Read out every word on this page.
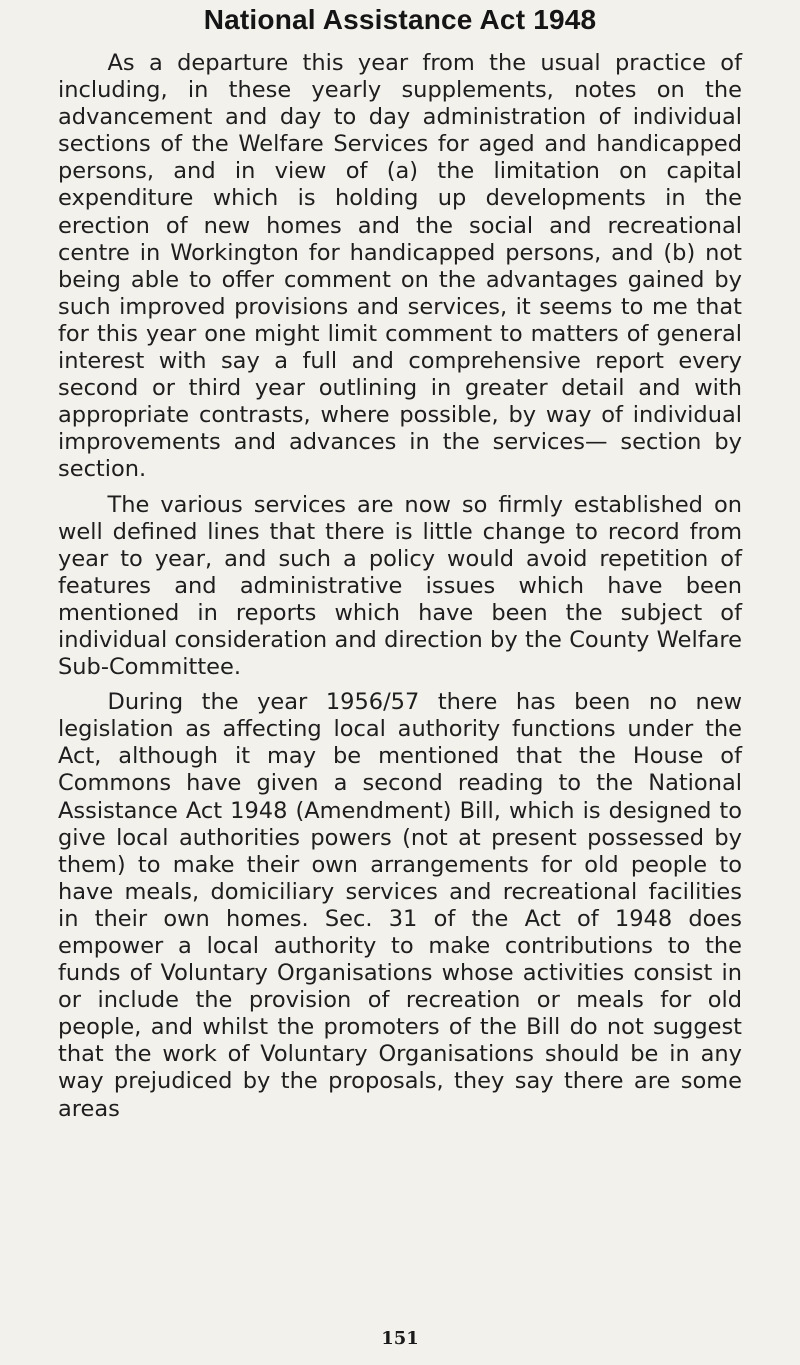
National Assistance Act 1948

As a departure this year from the usual practice of including, in these yearly supplements, notes on the advancement and day to day administration of individual sections of the Welfare Services for aged and handicapped persons, and in view of (a) the limitation on capital expenditure which is holding up developments in the erection of new homes and the social and recreational centre in Workington for handicapped persons, and (b) not being able to offer comment on the advantages gained by such improved provisions and services, it seems to me that for this year one might limit comment to matters of general interest with say a full and comprehensive report every second or third year outlining in greater detail and with appropriate contrasts, where possible, by way of individual improvements and advances in the services— section by section.

The various services are now so firmly established on well defined lines that there is little change to record from year to year, and such a policy would avoid repetition of features and administrative issues which have been mentioned in reports which have been the subject of individual consideration and direction by the County Welfare Sub-Committee.

During the year 1956/57 there has been no new legislation as affecting local authority functions under the Act, although it may be mentioned that the House of Commons have given a second reading to the National Assistance Act 1948 (Amendment) Bill, which is designed to give local authorities powers (not at present possessed by them) to make their own arrangements for old people to have meals, domiciliary services and recreational facilities in their own homes. Sec. 31 of the Act of 1948 does empower a local authority to make contributions to the funds of Voluntary Organisations whose activities consist in or include the provision of recreation or meals for old people, and whilst the promoters of the Bill do not suggest that the work of Voluntary Organisations should be in any way prejudiced by the proposals, they say there are some areas

151
